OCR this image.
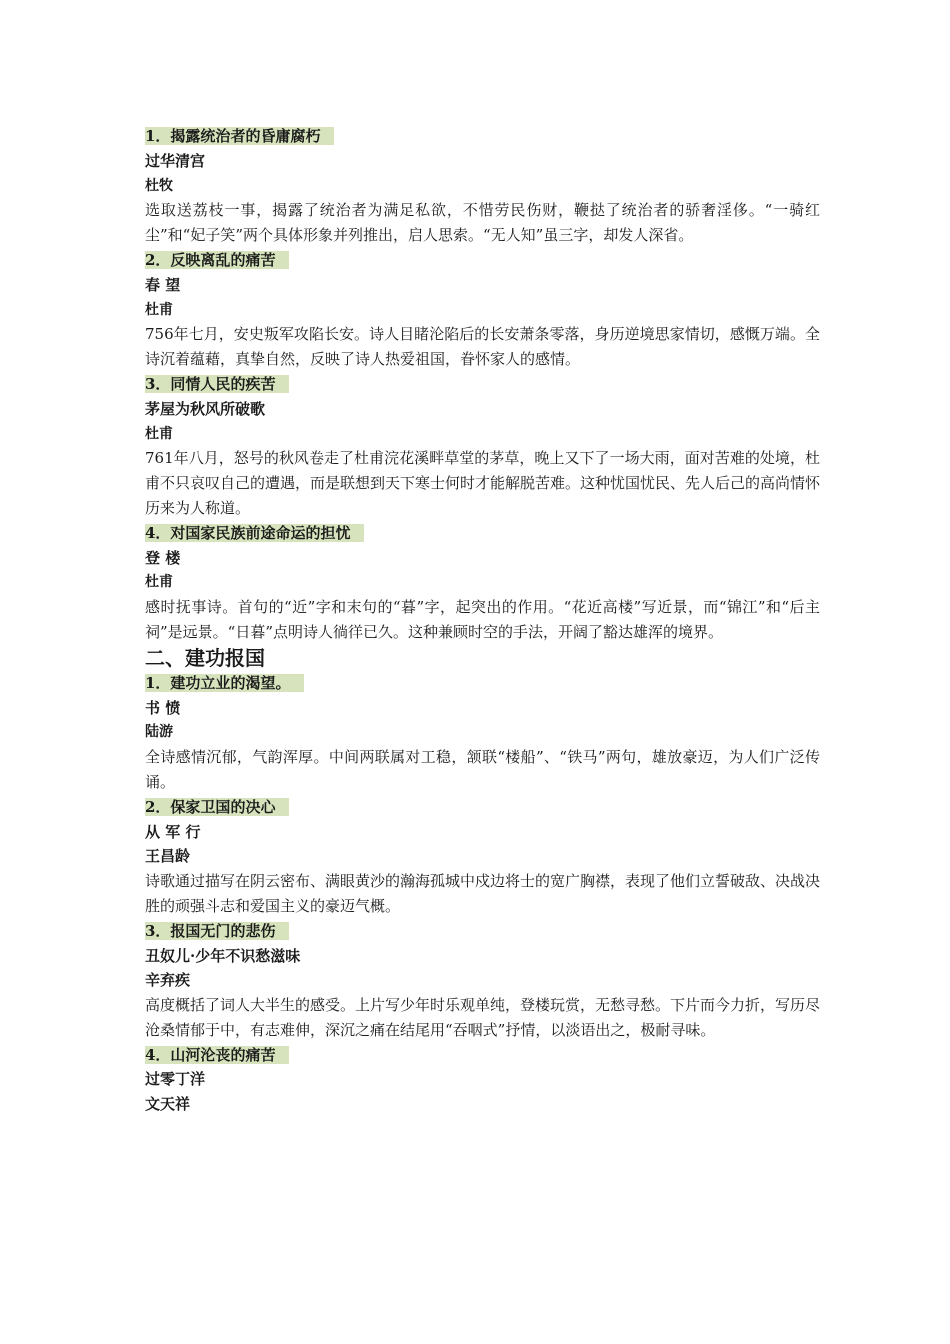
1．揭露统治者的昏庸腐朽
过华清宫
杜牧
选取送荔枝一事，揭露了统治者为满足私欲，不惜劳民伤财，鞭挞了统治者的骄奢淫侈。“一骑红尘”和“妃子笑”两个具体形象并列推出，启人思索。“无人知”虽三字，却发人深省。
2．反映离乱的痛苦
春 望
杜甫
756年七月，安史叛军攻陷长安。诗人目睹沦陷后的长安萧条零落，身历逆境思家情切，感慨万端。全诗沉着蕴藉，真挚自然，反映了诗人热爱祖国，眷怀家人的感情。
3．同情人民的疾苦
茅屋为秋风所破歌
杜甫
761年八月，怒号的秋风卷走了杜甫浣花溪畔草堂的茅草，晚上又下了一场大雨，面对苦难的处境，杜甫不只哀叹自己的遭遇，而是联想到天下寒士何时才能解脱苦难。这种忧国忧民、先人后己的高尚情怀历来为人称道。
4．对国家民族前途命运的担忧
登 楼
杜甫
感时抚事诗。首句的“近”字和末句的“暮”字，起突出的作用。“花近高楼”写近景，而“锦江”和“后主祠”是远景。“日暮”点明诗人徜徉已久。这种兼顾时空的手法，开阔了豁达雄浑的境界。
二、建功报国
1．建功立业的渴望。
书 愤
陆游
全诗感情沉郁，气韵浑厚。中间两联属对工稳，颔联“楼船”、“铁马”两句，雄放豪迈，为人们广泛传诵。
2．保家卫国的决心
从 军 行
王昌龄
诗歌通过描写在阴云密布、满眼黄沙的瀚海孤城中戍边将士的宽广胸襟，表现了他们立誓破敌、决战决胜的顽强斗志和爱国主义的豪迈气概。
3．报国无门的悲伤
丑奴儿·少年不识愁滋味
辛弃疾
高度概括了词人大半生的感受。上片写少年时乐观单纯，登楼玩赏，无愁寻愁。下片而今力折，写历尽沧桑情郁于中，有志难伸，深沉之痛在结尾用“吞咽式”抒情，以淡语出之，极耐寻味。
4．山河沦丧的痛苦
过零丁洋
文天祥
